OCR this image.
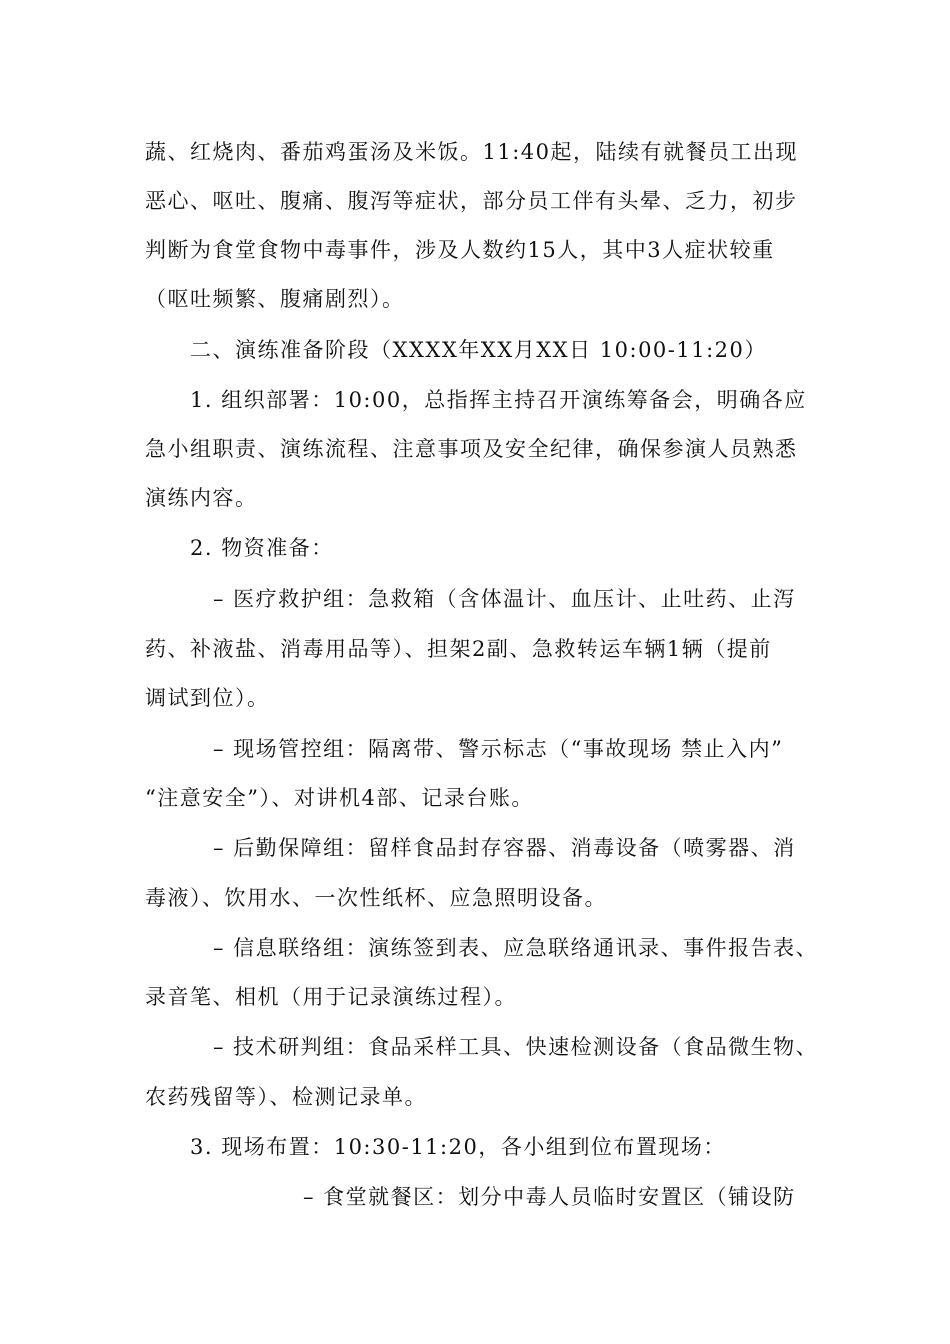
蔬、红烧肉、番茄鸡蛋汤及米饭。11:40起，陆续有就餐员工出现
恶心、呕吐、腹痛、腹泻等症状，部分员工伴有头晕、乏力，初步
判断为食堂食物中毒事件，涉及人数约15人，其中3人症状较重
（呕吐频繁、腹痛剧烈）。
二、演练准备阶段（XXXX年XX月XX日 10:00-11:20）
1. 组织部署：10:00，总指挥主持召开演练筹备会，明确各应
急小组职责、演练流程、注意事项及安全纪律，确保参演人员熟悉
演练内容。
2. 物资准备：
– 医疗救护组：急救箱（含体温计、血压计、止吐药、止泻
药、补液盐、消毒用品等）、担架2副、急救转运车辆1辆（提前
调试到位）。
– 现场管控组：隔离带、警示标志（“事故现场 禁止入内”
“注意安全”）、对讲机4部、记录台账。
– 后勤保障组：留样食品封存容器、消毒设备（喷雾器、消
毒液）、饮用水、一次性纸杯、应急照明设备。
– 信息联络组：演练签到表、应急联络通讯录、事件报告表、
录音笔、相机（用于记录演练过程）。
– 技术研判组：食品采样工具、快速检测设备（食品微生物、
农药残留等）、检测记录单。
3. 现场布置：10:30-11:20，各小组到位布置现场：
– 食堂就餐区：划分中毒人员临时安置区（铺设防
